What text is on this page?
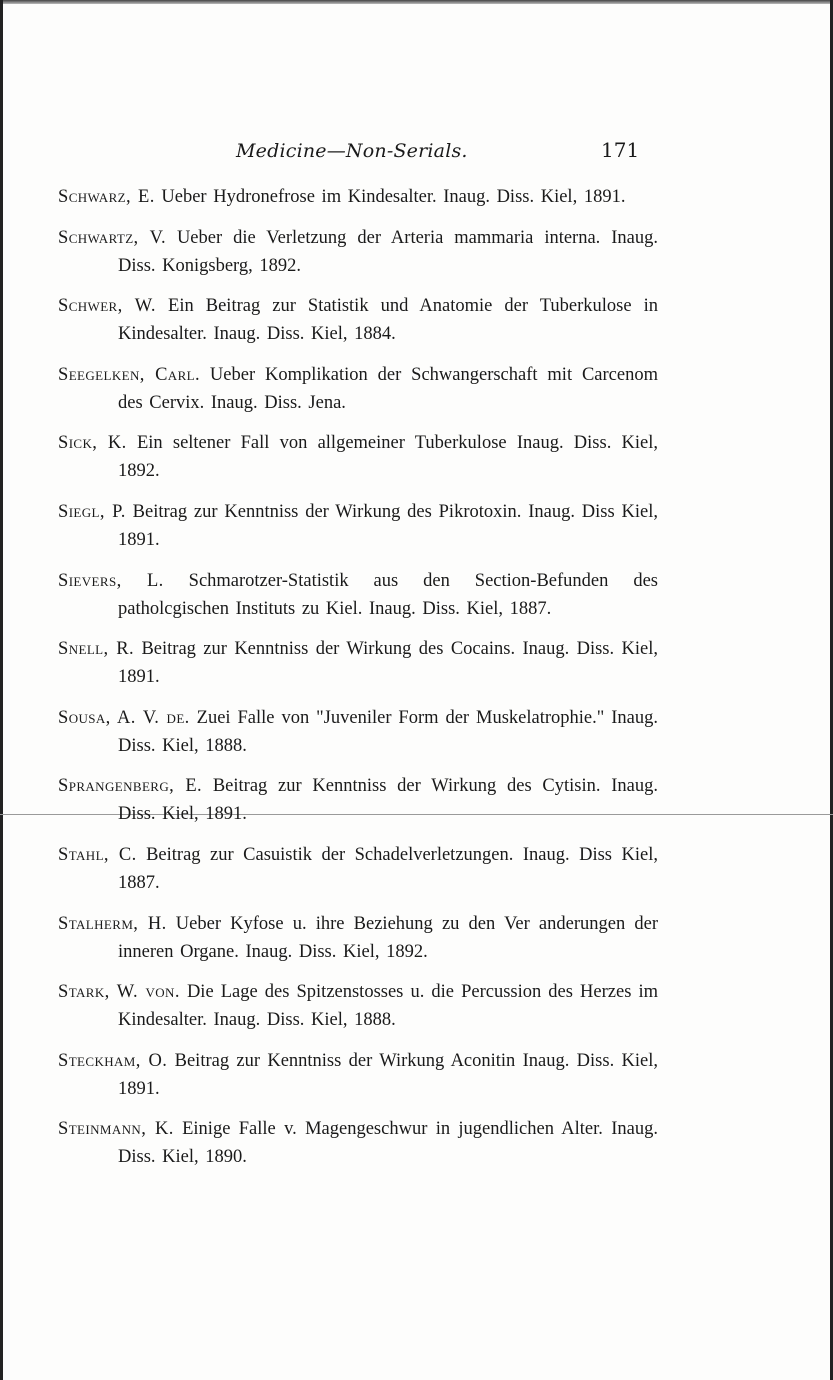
Medicine—Non-Serials.	171

Schwarz, E. Ueber Hydronefrose im Kindesalter. Inaug. Diss. Kiel, 1891.

Schwartz, V. Ueber die Verletzung der Arteria mammaria interna. Inaug. Diss. Konigsberg, 1892.

Schwer, W. Ein Beitrag zur Statistik und Anatomie der Tuberkulose in Kindesalter. Inaug. Diss. Kiel, 1884.

Seegelken, Carl. Ueber Komplikation der Schwangerschaft mit Carcenom des Cervix. Inaug. Diss. Jena.

Sick, K. Ein seltener Fall von allgemeiner Tuberkulose Inaug. Diss. Kiel, 1892.

Siegl, P. Beitrag zur Kenntniss der Wirkung des Pikrotoxin. Inaug. Diss Kiel, 1891.

Sievers, L. Schmarotzer-Statistik aus den Section-Befunden des patholcgischen Instituts zu Kiel. Inaug. Diss. Kiel, 1887.

Snell, R. Beitrag zur Kenntniss der Wirkung des Cocains. Inaug. Diss. Kiel, 1891.

Sousa, A. V. de. Zuei Falle von "Juveniler Form der Muskelatrophie." Inaug. Diss. Kiel, 1888.

Sprangenberg, E. Beitrag zur Kenntniss der Wirkung des Cytisin. Inaug. Diss. Kiel, 1891.

Stahl, C. Beitrag zur Casuistik der Schadelverletzungen. Inaug. Diss Kiel, 1887.

Stalherm, H. Ueber Kyfose u. ihre Beziehung zu den Ver anderungen der inneren Organe. Inaug. Diss. Kiel, 1892.

Stark, W. von. Die Lage des Spitzenstosses u. die Percussion des Herzes im Kindesalter. Inaug. Diss. Kiel, 1888.

Steckham, O. Beitrag zur Kenntniss der Wirkung Aconitin Inaug. Diss. Kiel, 1891.

Steinmann, K. Einige Falle v. Magengeschwur in jugendlichen Alter. Inaug. Diss. Kiel, 1890.
